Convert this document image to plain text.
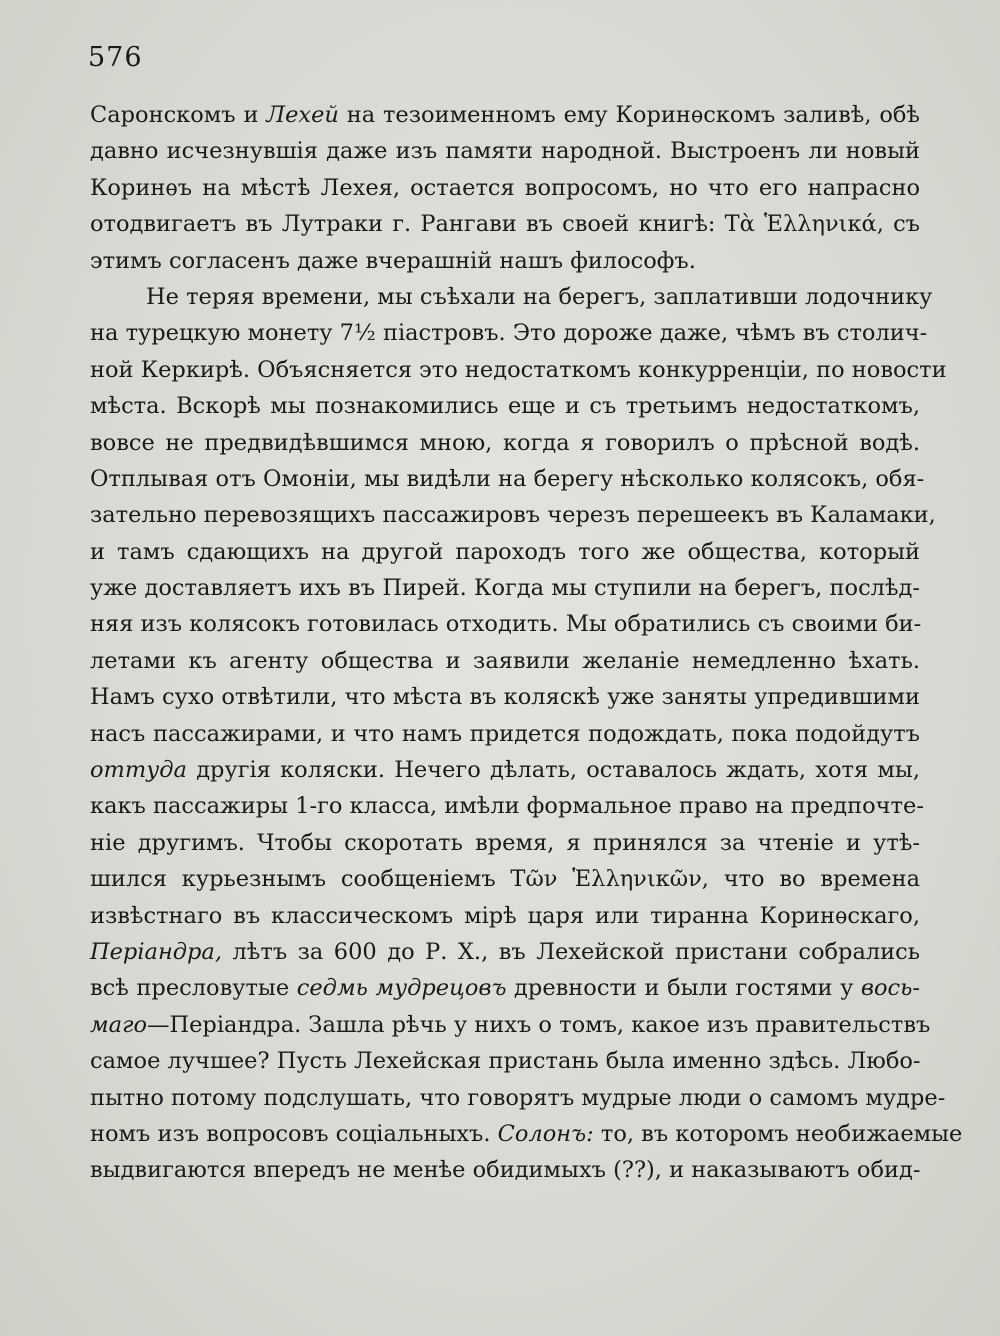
576
Саронскомъ и Лехей на тезоименномъ ему Коринѳскомъ заливѣ, обѣ
давно исчезнувшія даже изъ памяти народной. Выстроенъ ли новый
Коринѳъ на мѣстѣ Лехея, остается вопросомъ, но что его напрасно
отодвигаетъ въ Лутраки г. Рангави въ своей книгѣ: Τὰ Ἑλληνικά, съ
этимъ согласенъ даже вчерашній нашъ философъ.
Не теряя времени, мы съѣхали на берегъ, заплативши лодочнику
на турецкую монету 7½ піастровъ. Это дороже даже, чѣмъ въ столич-
ной Керкирѣ. Объясняется это недостаткомъ конкурренціи, по новости
мѣста. Вскорѣ мы познакомились еще и съ третьимъ недостаткомъ,
вовсе не предвидѣвшимся мною, когда я говорилъ о прѣсной водѣ.
Отплывая отъ Омоніи, мы видѣли на берегу нѣсколько колясокъ, обя-
зательно перевозящихъ пассажировъ черезъ перешеекъ въ Каламаки,
и тамъ сдающихъ на другой пароходъ того же общества, который
уже доставляетъ ихъ въ Пирей. Когда мы ступили на берегъ, послѣд-
няя изъ колясокъ готовилась отходить. Мы обратились съ своими би-
летами къ агенту общества и заявили желаніе немедленно ѣхать.
Намъ сухо отвѣтили, что мѣста въ коляскѣ уже заняты упредившими
насъ пассажирами, и что намъ придется подождать, пока подойдутъ
оттуда другія коляски. Нечего дѣлать, оставалось ждать, хотя мы,
какъ пассажиры 1-го класса, имѣли формальное право на предпочте-
ніе другимъ. Чтобы скоротать время, я принялся за чтеніе и утѣ-
шился курьезнымъ сообщеніемъ Τῶν Ἑλληνικῶν, что во времена
извѣстнаго въ классическомъ мірѣ царя или тиранна Коринѳскаго,
Періандра, лѣтъ за 600 до Р. Х., въ Лехейской пристани собрались
всѣ пресловутые седмь мудрецовъ древности и были гостями у вось-
маго—Періандра. Зашла рѣчь у нихъ о томъ, какое изъ правительствъ
самое лучшее? Пусть Лехейская пристань была именно здѣсь. Любо-
пытно потому подслушать, что говорятъ мудрые люди о самомъ мудре-
номъ изъ вопросовъ соціальныхъ. Солонъ: то, въ которомъ необижаемые
выдвигаются впередъ не менѣе обидимыхъ (??), и наказываютъ обид-
